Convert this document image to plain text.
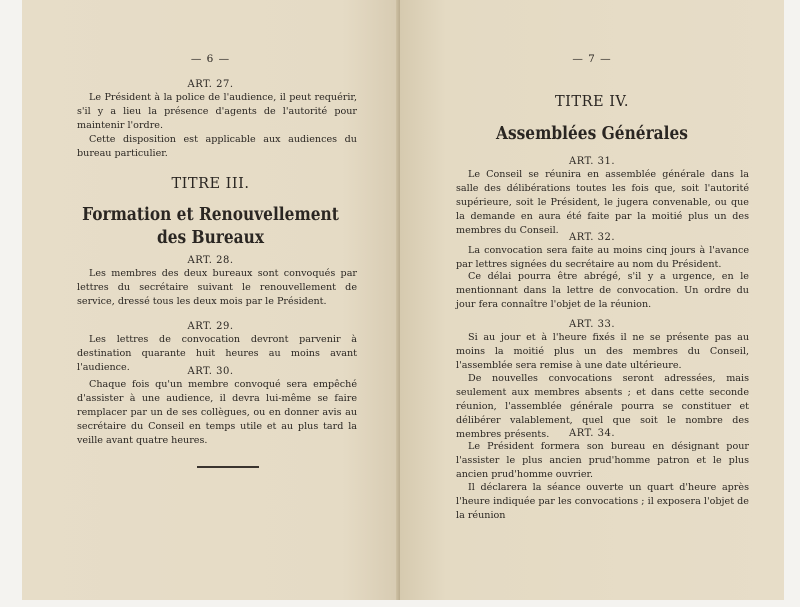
— 6 —
ART. 27.

Le Président à la police de l'audience, il peut requérir, s'il y a lieu la présence d'agents de l'autorité pour maintenir l'ordre.

Cette disposition est applicable aux audiences du bureau particulier.

TITRE III.
Formation et Renouvellement
des Bureaux
ART. 28.

Les membres des deux bureaux sont convoqués par lettres du secrétaire suivant le renouvellement de service, dressé tous les deux mois par le Président.

ART. 29.

Les lettres de convocation devront parvenir à destination quarante huit heures au moins avant l'audience.	ART. 30.

Chaque fois qu'un membre convoqué sera empêché d'assister à une audience, il devra lui-même se faire remplacer par un de ses collègues, ou en donner avis au secrétaire du Conseil en temps utile et au plus tard la veille avant quatre heures.

— 7 —
TITRE IV.
Assemblées Générales
ART. 31.

Le Conseil se réunira en assemblée générale dans la salle des délibérations toutes les fois que, soit l'autorité supérieure, soit le Président, le jugera convenable, ou que la demande en aura été faite par la moitié plus un des membres du Conseil.

ART. 32.

La convocation sera faite au moins cinq jours à l'avance par lettres signées du secrétaire au nom du Président.

Ce délai pourra être abrégé, s'il y a urgence, en le mentionnant dans la lettre de convocation. Un ordre du jour fera connaître l'objet de la réunion.

ART. 33.

Si au jour et à l'heure fixés il ne se présente pas au moins la moitié plus un des membres du Conseil, l'assemblée sera remise à une date ultérieure.

De nouvelles convocations seront adressées, mais seulement aux membres absents ; et dans cette seconde réunion, l'assemblée générale pourra se constituer et délibérer valablement, quel que soit le nombre des membres présents.	ART. 34.

Le Président formera son bureau en désignant pour l'assister le plus ancien prud'homme patron et le plus ancien prud'homme ouvrier.

Il déclarera la séance ouverte un quart d'heure après l'heure indiquée par les convocations ; il exposera l'objet de la réunion
